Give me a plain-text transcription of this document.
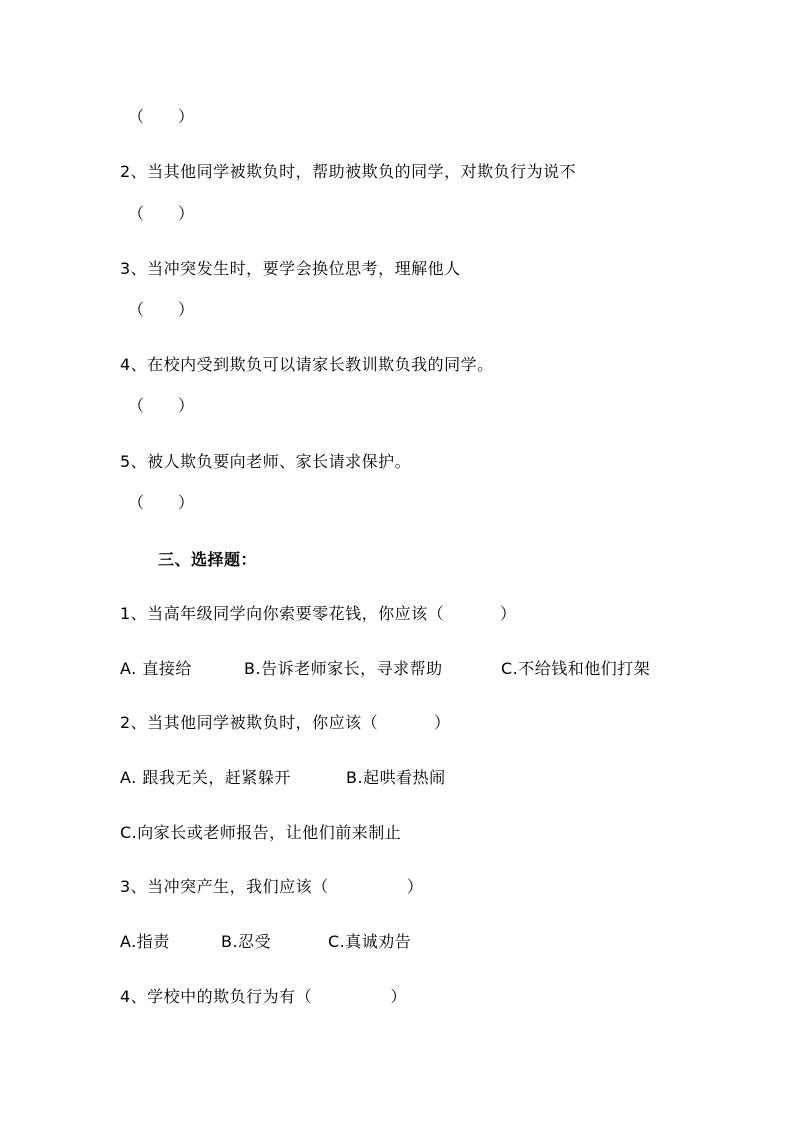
（      ）
2、当其他同学被欺负时，帮助被欺负的同学，对欺负行为说不
（      ）
3、当冲突发生时，要学会换位思考，理解他人
（      ）
4、在校内受到欺负可以请家长教训欺负我的同学。
（      ）
5、被人欺负要向老师、家长请求保护。
（      ）
三、选择题：
1、当高年级同学向你索要零花钱，你应该（          ）
A. 直接给	B.告诉老师家长，寻求帮助	C.不给钱和他们打架
2、当其他同学被欺负时，你应该（          ）
A. 跟我无关，赶紧躲开	B.起哄看热闹
C.向家长或老师报告，让他们前来制止
3、当冲突产生，我们应该（              ）
A.指责	B.忍受	C.真诚劝告
4、学校中的欺负行为有（              ）
